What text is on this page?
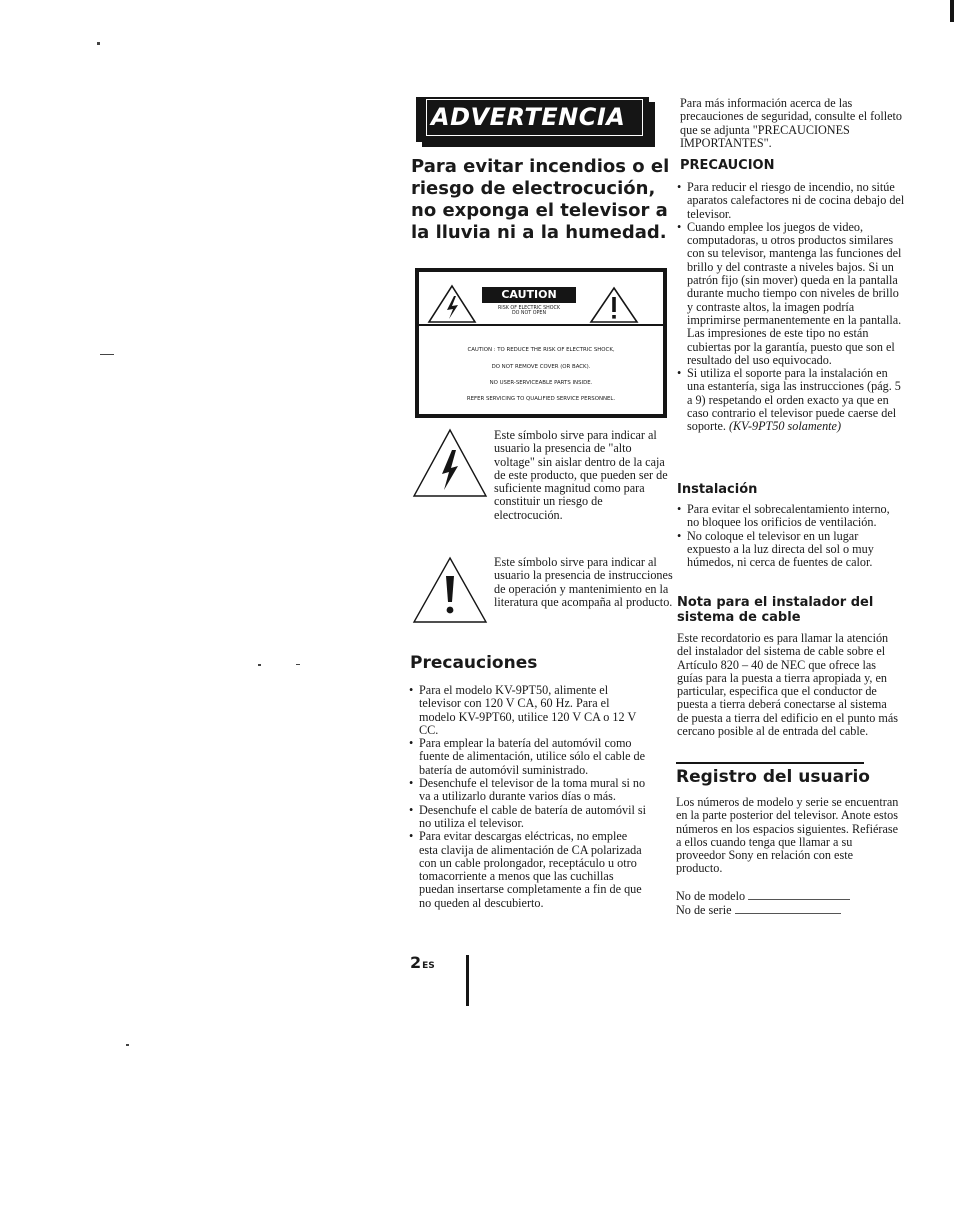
ADVERTENCIA
Para evitar incendios o el riesgo de electrocución, no exponga el televisor a la lluvia ni a la humedad.
CAUTION
RISK OF ELECTRIC SHOCK
DO NOT OPEN
CAUTION : TO REDUCE THE RISK OF ELECTRIC SHOCK,
DO NOT REMOVE COVER (OR BACK).
NO USER-SERVICEABLE PARTS INSIDE.
REFER SERVICING TO QUALIFIED SERVICE PERSONNEL.
Este símbolo sirve para indicar al usuario la presencia de "alto voltage" sin aislar dentro de la caja de este producto, que pueden ser de suficiente magnitud como para constituir un riesgo de electrocución.
Este símbolo sirve para indicar al usuario la presencia de instrucciones de operación y mantenimiento en la literatura que acompaña al producto.
Precauciones
• Para el modelo KV-9PT50, alimente el televisor con 120 V CA, 60 Hz. Para el modelo KV-9PT60, utilice 120 V CA o 12 V CC.
• Para emplear la batería del automóvil como fuente de alimentación, utilice sólo el cable de batería de automóvil suministrado.
• Desenchufe el televisor de la toma mural si no va a utilizarlo durante varios días o más.
• Desenchufe el cable de batería de automóvil si no utiliza el televisor.
• Para evitar descargas eléctricas, no emplee esta clavija de alimentación de CA polarizada con un cable prolongador, receptáculo u otro tomacorriente a menos que las cuchillas puedan insertarse completamente a fin de que no queden al descubierto.
2ES
Para más información acerca de las precauciones de seguridad, consulte el folleto que se adjunta "PRECAUCIONES IMPORTANTES".
PRECAUCION
• Para reducir el riesgo de incendio, no sitúe aparatos calefactores ni de cocina debajo del televisor.
• Cuando emplee los juegos de video, computadoras, u otros productos similares con su televisor, mantenga las funciones del brillo y del contraste a niveles bajos. Si un patrón fijo (sin mover) queda en la pantalla durante mucho tiempo con niveles de brillo y contraste altos, la imagen podría imprimirse permanentemente en la pantalla. Las impresiones de este tipo no están cubiertas por la garantía, puesto que son el resultado del uso equivocado.
• Si utiliza el soporte para la instalación en una estantería, siga las instrucciones (pág. 5 a 9) respetando el orden exacto ya que en caso contrario el televisor puede caerse del soporte. (KV-9PT50 solamente)
Instalación
• Para evitar el sobrecalentamiento interno, no bloquee los orificios de ventilación.
• No coloque el televisor en un lugar expuesto a la luz directa del sol o muy húmedos, ni cerca de fuentes de calor.
Nota para el instalador del sistema de cable
Este recordatorio es para llamar la atención del instalador del sistema de cable sobre el Artículo 820 – 40 de NEC que ofrece las guías para la puesta a tierra apropiada y, en particular, especifica que el conductor de puesta a tierra deberá conectarse al sistema de puesta a tierra del edificio en el punto más cercano posible al de entrada del cable.
Registro del usuario
Los números de modelo y serie se encuentran en la parte posterior del televisor. Anote estos números en los espacios siguientes. Refiérase a ellos cuando tenga que llamar a su proveedor Sony en relación con este producto.
No de modelo
No de serie
